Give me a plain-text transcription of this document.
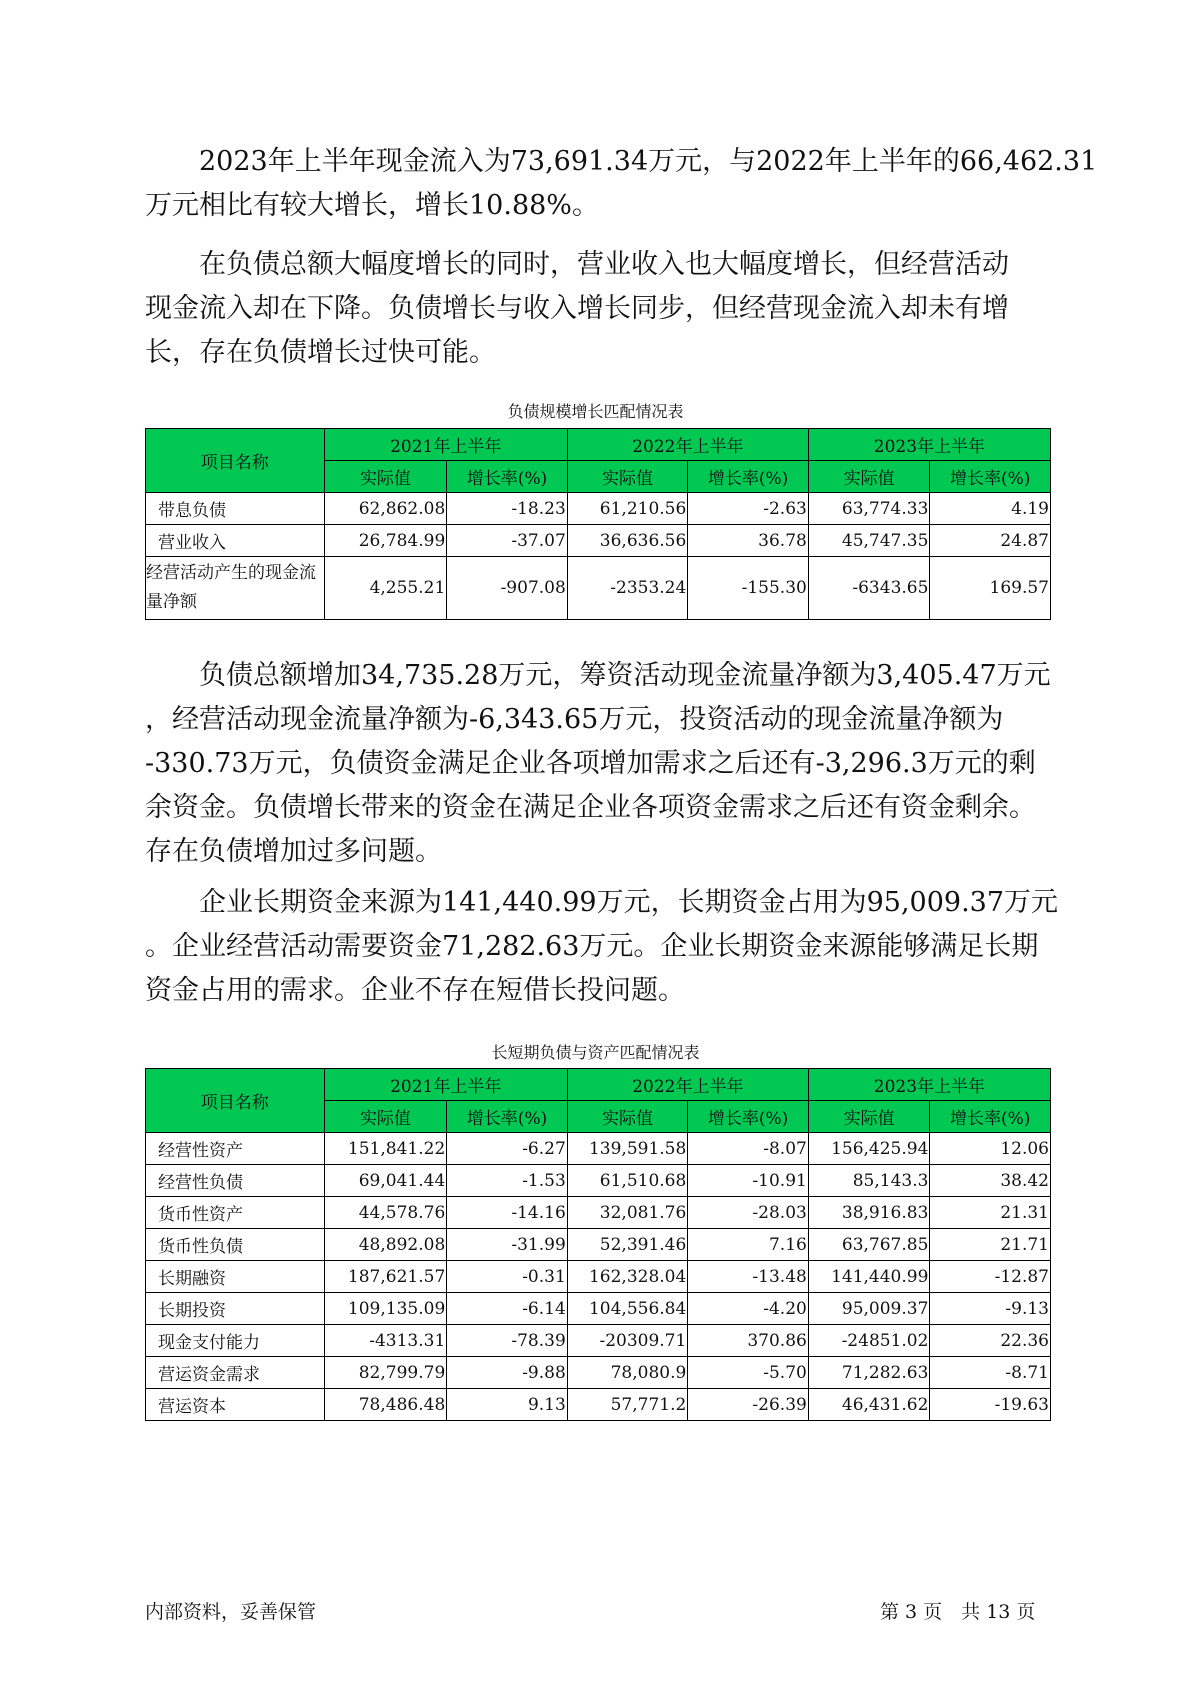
　　2023年上半年现金流入为73,691.34万元，与2022年上半年的66,462.31
万元相比有较大增长，增长10.88%。

　　在负债总额大幅度增长的同时，营业收入也大幅度增长，但经营活动
现金流入却在下降。负债增长与收入增长同步，但经营现金流入却未有增
长，存在负债增长过快可能。

负债规模增长匹配情况表

项目名称	2021年上半年		2022年上半年		2023年上半年	
	实际值	增长率(%)	实际值	增长率(%)	实际值	增长率(%)
带息负债	62,862.08	-18.23	61,210.56	-2.63	63,774.33	4.19
营业收入	26,784.99	-37.07	36,636.56	36.78	45,747.35	24.87
经营活动产生的现金流量净额	4,255.21	-907.08	-2353.24	-155.30	-6343.65	169.57

　　负债总额增加34,735.28万元，筹资活动现金流量净额为3,405.47万元
，经营活动现金流量净额为-6,343.65万元，投资活动的现金流量净额为
-330.73万元，负债资金满足企业各项增加需求之后还有-3,296.3万元的剩
余资金。负债增长带来的资金在满足企业各项资金需求之后还有资金剩余。
存在负债增加过多问题。

　　企业长期资金来源为141,440.99万元，长期资金占用为95,009.37万元
。企业经营活动需要资金71,282.63万元。企业长期资金来源能够满足长期
资金占用的需求。企业不存在短借长投问题。

长短期负债与资产匹配情况表

项目名称	2021年上半年		2022年上半年		2023年上半年	
	实际值	增长率(%)	实际值	增长率(%)	实际值	增长率(%)
经营性资产	151,841.22	-6.27	139,591.58	-8.07	156,425.94	12.06
经营性负债	69,041.44	-1.53	61,510.68	-10.91	85,143.3	38.42
货币性资产	44,578.76	-14.16	32,081.76	-28.03	38,916.83	21.31
货币性负债	48,892.08	-31.99	52,391.46	7.16	63,767.85	21.71
长期融资	187,621.57	-0.31	162,328.04	-13.48	141,440.99	-12.87
长期投资	109,135.09	-6.14	104,556.84	-4.20	95,009.37	-9.13
现金支付能力	-4313.31	-78.39	-20309.71	370.86	-24851.02	22.36
营运资金需求	82,799.79	-9.88	78,080.9	-5.70	71,282.63	-8.71
营运资本	78,486.48	9.13	57,771.2	-26.39	46,431.62	-19.63

内部资料，妥善保管	第 3 页　共 13 页
